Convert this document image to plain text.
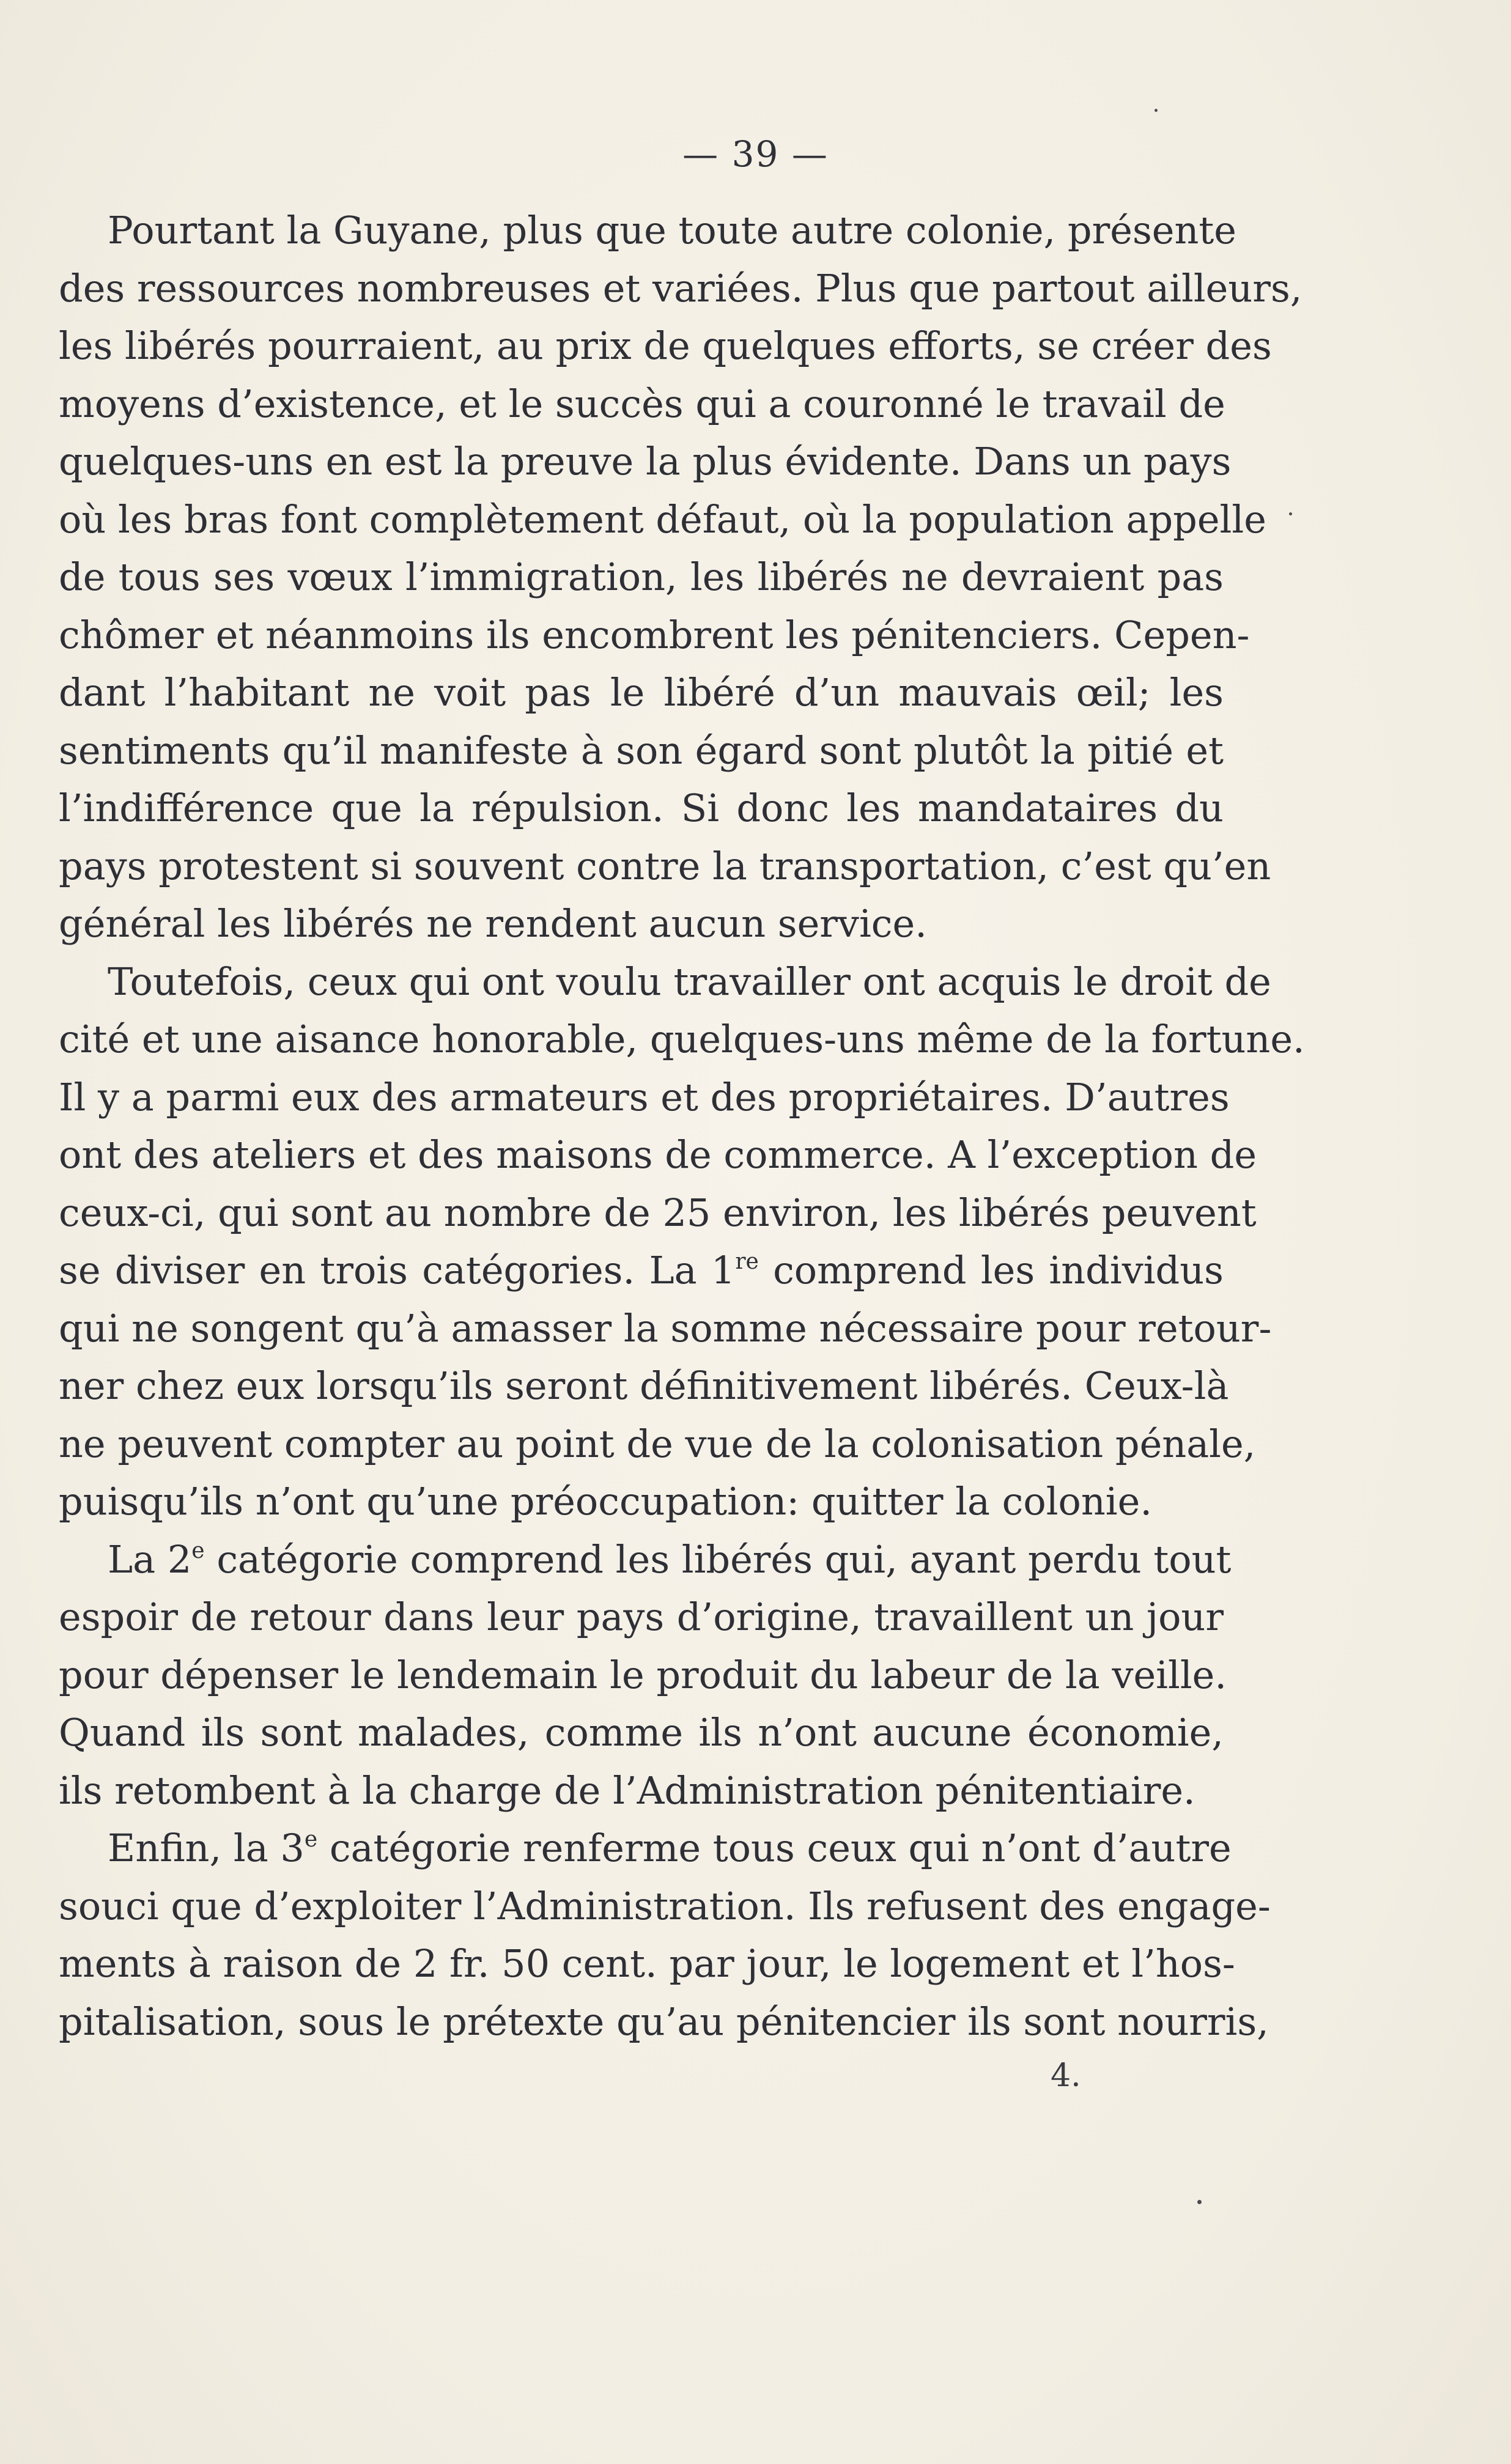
— 39 —
Pourtant la Guyane, plus que toute autre colonie, présente
des ressources nombreuses et variées. Plus que partout ailleurs,
les libérés pourraient, au prix de quelques efforts, se créer des
moyens d’existence, et le succès qui a couronné le travail de
quelques-uns en est la preuve la plus évidente. Dans un pays
où les bras font complètement défaut, où la population appelle
de tous ses vœux l’immigration, les libérés ne devraient pas
chômer et néanmoins ils encombrent les pénitenciers. Cepen-
dant l’habitant ne voit pas le libéré d’un mauvais œil; les
sentiments qu’il manifeste à son égard sont plutôt la pitié et
l’indifférence que la répulsion. Si donc les mandataires du
pays protestent si souvent contre la transportation, c’est qu’en
général les libérés ne rendent aucun service.
Toutefois, ceux qui ont voulu travailler ont acquis le droit de
cité et une aisance honorable, quelques-uns même de la fortune.
Il y a parmi eux des armateurs et des propriétaires. D’autres
ont des ateliers et des maisons de commerce. A l’exception de
ceux-ci, qui sont au nombre de 25 environ, les libérés peuvent
se diviser en trois catégories. La 1re comprend les individus
qui ne songent qu’à amasser la somme nécessaire pour retour-
ner chez eux lorsqu’ils seront définitivement libérés. Ceux-là
ne peuvent compter au point de vue de la colonisation pénale,
puisqu’ils n’ont qu’une préoccupation: quitter la colonie.
La 2e catégorie comprend les libérés qui, ayant perdu tout
espoir de retour dans leur pays d’origine, travaillent un jour
pour dépenser le lendemain le produit du labeur de la veille.
Quand ils sont malades, comme ils n’ont aucune économie,
ils retombent à la charge de l’Administration pénitentiaire.
Enfin, la 3e catégorie renferme tous ceux qui n’ont d’autre
souci que d’exploiter l’Administration. Ils refusent des engage-
ments à raison de 2 fr. 50 cent. par jour, le logement et l’hos-
pitalisation, sous le prétexte qu’au pénitencier ils sont nourris,
4.
